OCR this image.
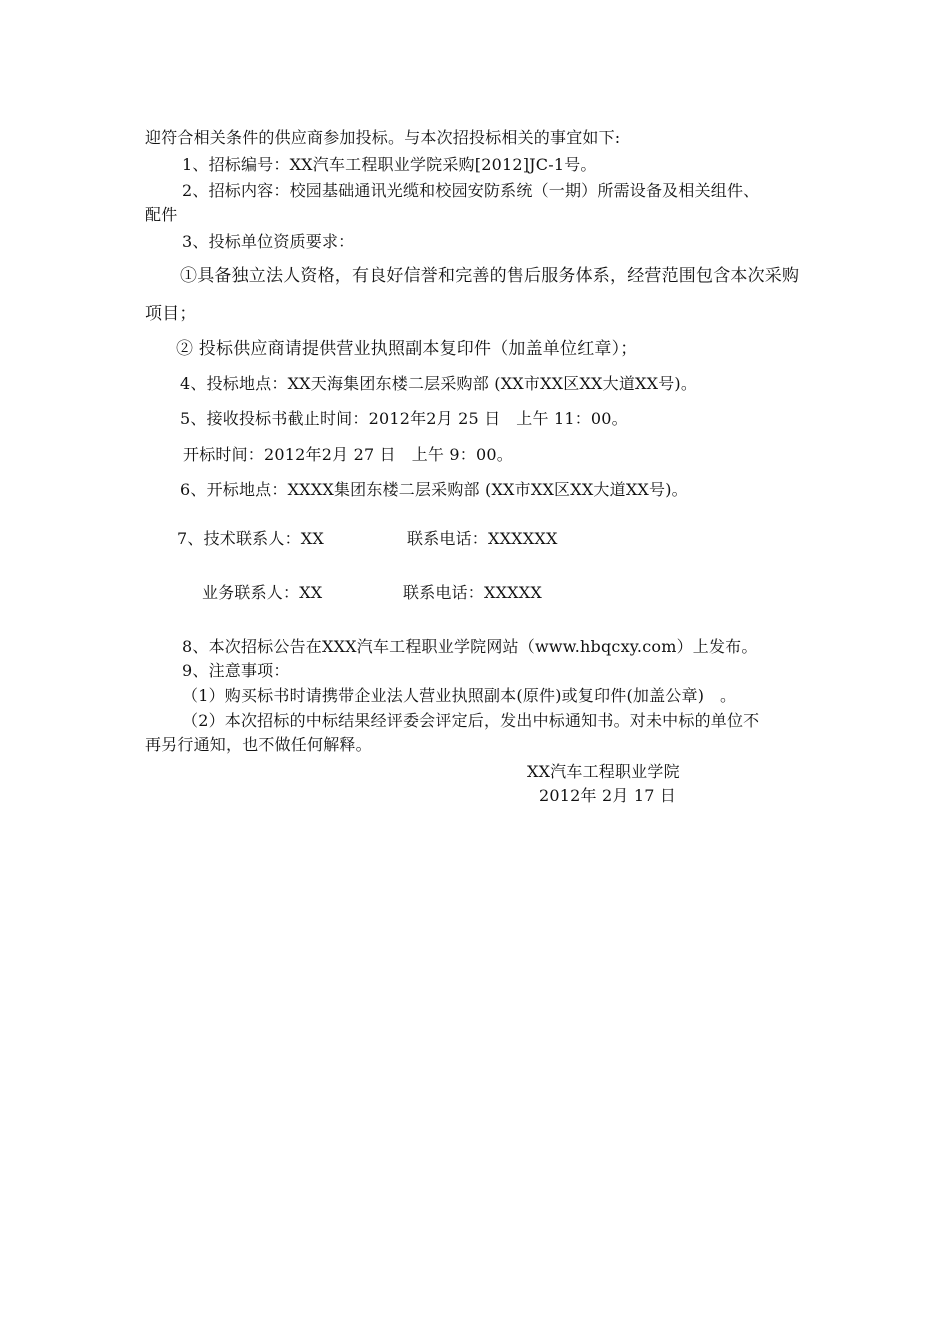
迎符合相关条件的供应商参加投标。与本次招投标相关的事宜如下:
1、招标编号：XX汽车工程职业学院采购[2012]JC-1号。
2、招标内容：校园基础通讯光缆和校园安防系统（一期）所需设备及相关组件、
配件
3、投标单位资质要求：
①具备独立法人资格，有良好信誉和完善的售后服务体系，经营范围包含本次采购
项目；
② 投标供应商请提供营业执照副本复印件（加盖单位红章）；
4、投标地点：XX天海集团东楼二层采购部 (XX市XX区XX大道XX号)。
5、接收投标书截止时间：2012年2月 25 日   上午 11：00。
开标时间：2012年2月 27 日   上午 9：00。
6、开标地点：XXXX集团东楼二层采购部 (XX市XX区XX大道XX号)。
7、技术联系人：XX	联系电话：XXXXXX
业务联系人：XX	联系电话：XXXXX
8、本次招标公告在XXX汽车工程职业学院网站（www.hbqcxy.com）上发布。
9、注意事项：
（1）购买标书时请携带企业法人营业执照副本(原件)或复印件(加盖公章)   。
（2）本次招标的中标结果经评委会评定后，发出中标通知书。对未中标的单位不
再另行通知，也不做任何解释。
XX汽车工程职业学院
2012年 2月 17 日
